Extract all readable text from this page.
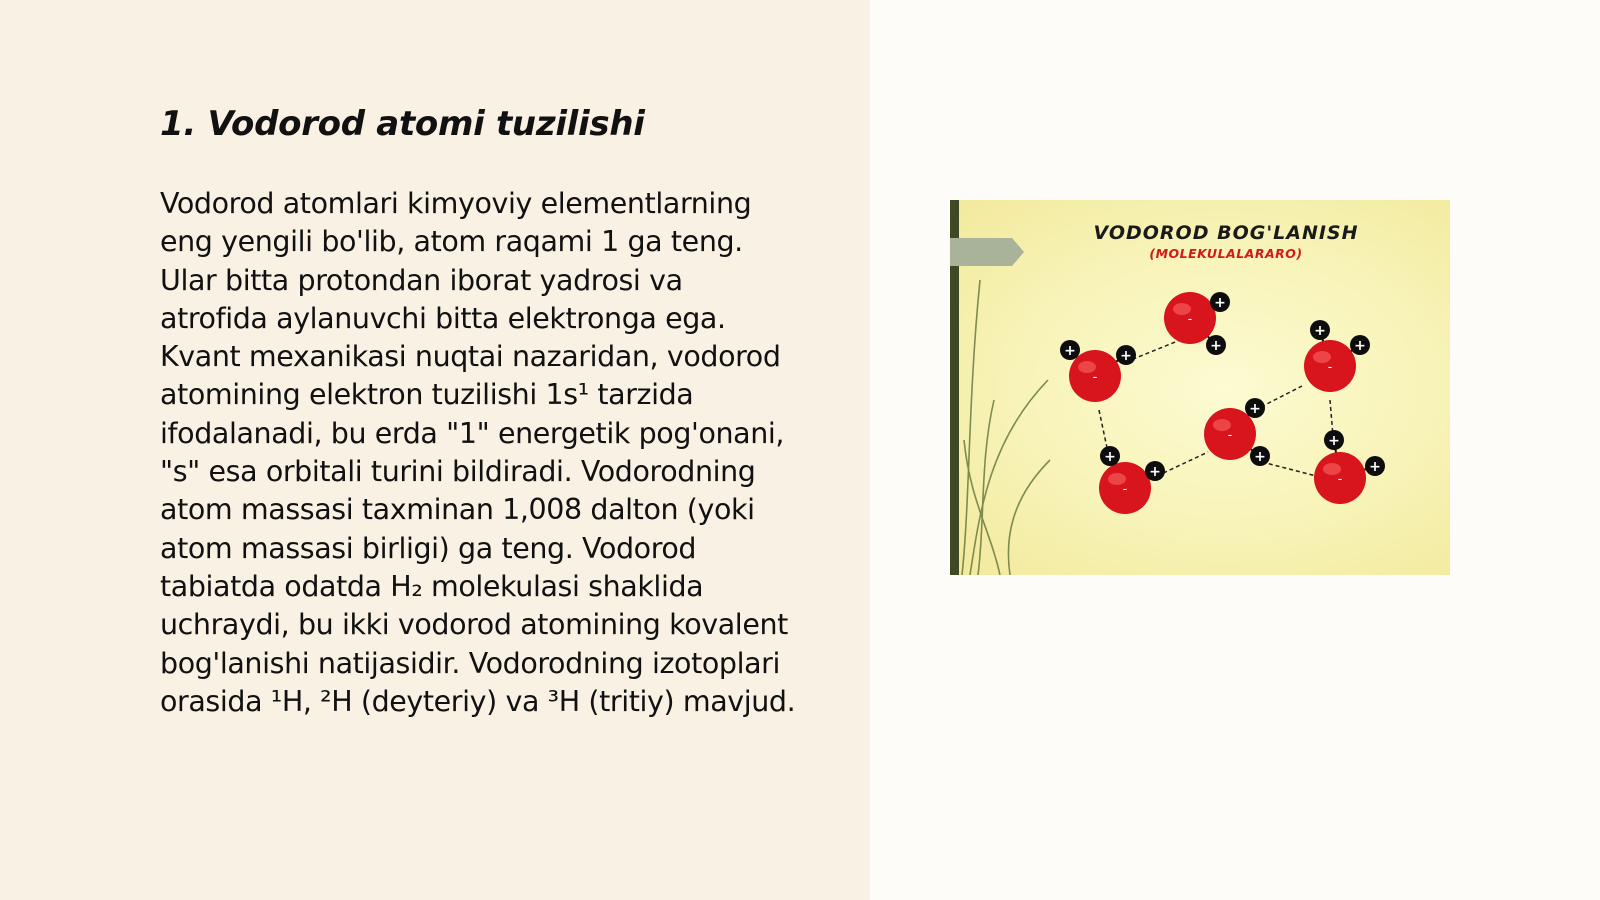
1. Vodorod atomi tuzilishi

Vodorod atomlari kimyoviy elementlarning
eng yengili bo'lib, atom raqami 1 ga teng.
Ular bitta protondan iborat yadrosi va
atrofida aylanuvchi bitta elektronga ega.
Kvant mexanikasi nuqtai nazaridan, vodorod
atomining elektron tuzilishi 1s¹ tarzida
ifodalanadi, bu erda "1" energetik pog'onani,
"s" esa orbitali turini bildiradi. Vodorodning
atom massasi taxminan 1,008 dalton (yoki
atom massasi birligi) ga teng. Vodorod
tabiatda odatda H₂ molekulasi shaklida
uchraydi, bu ikki vodorod atomining kovalent
bog'lanishi natijasidir. Vodorodning izotoplari
orasida ¹H, ²H (deyteriy) va ³H (tritiy) mavjud.

-
+
+
-
+	+
-
+
+
-
+
+
-
+
+	-
+
+
VODOROD BOG'LANISH
(MOLEKULALARARO)
